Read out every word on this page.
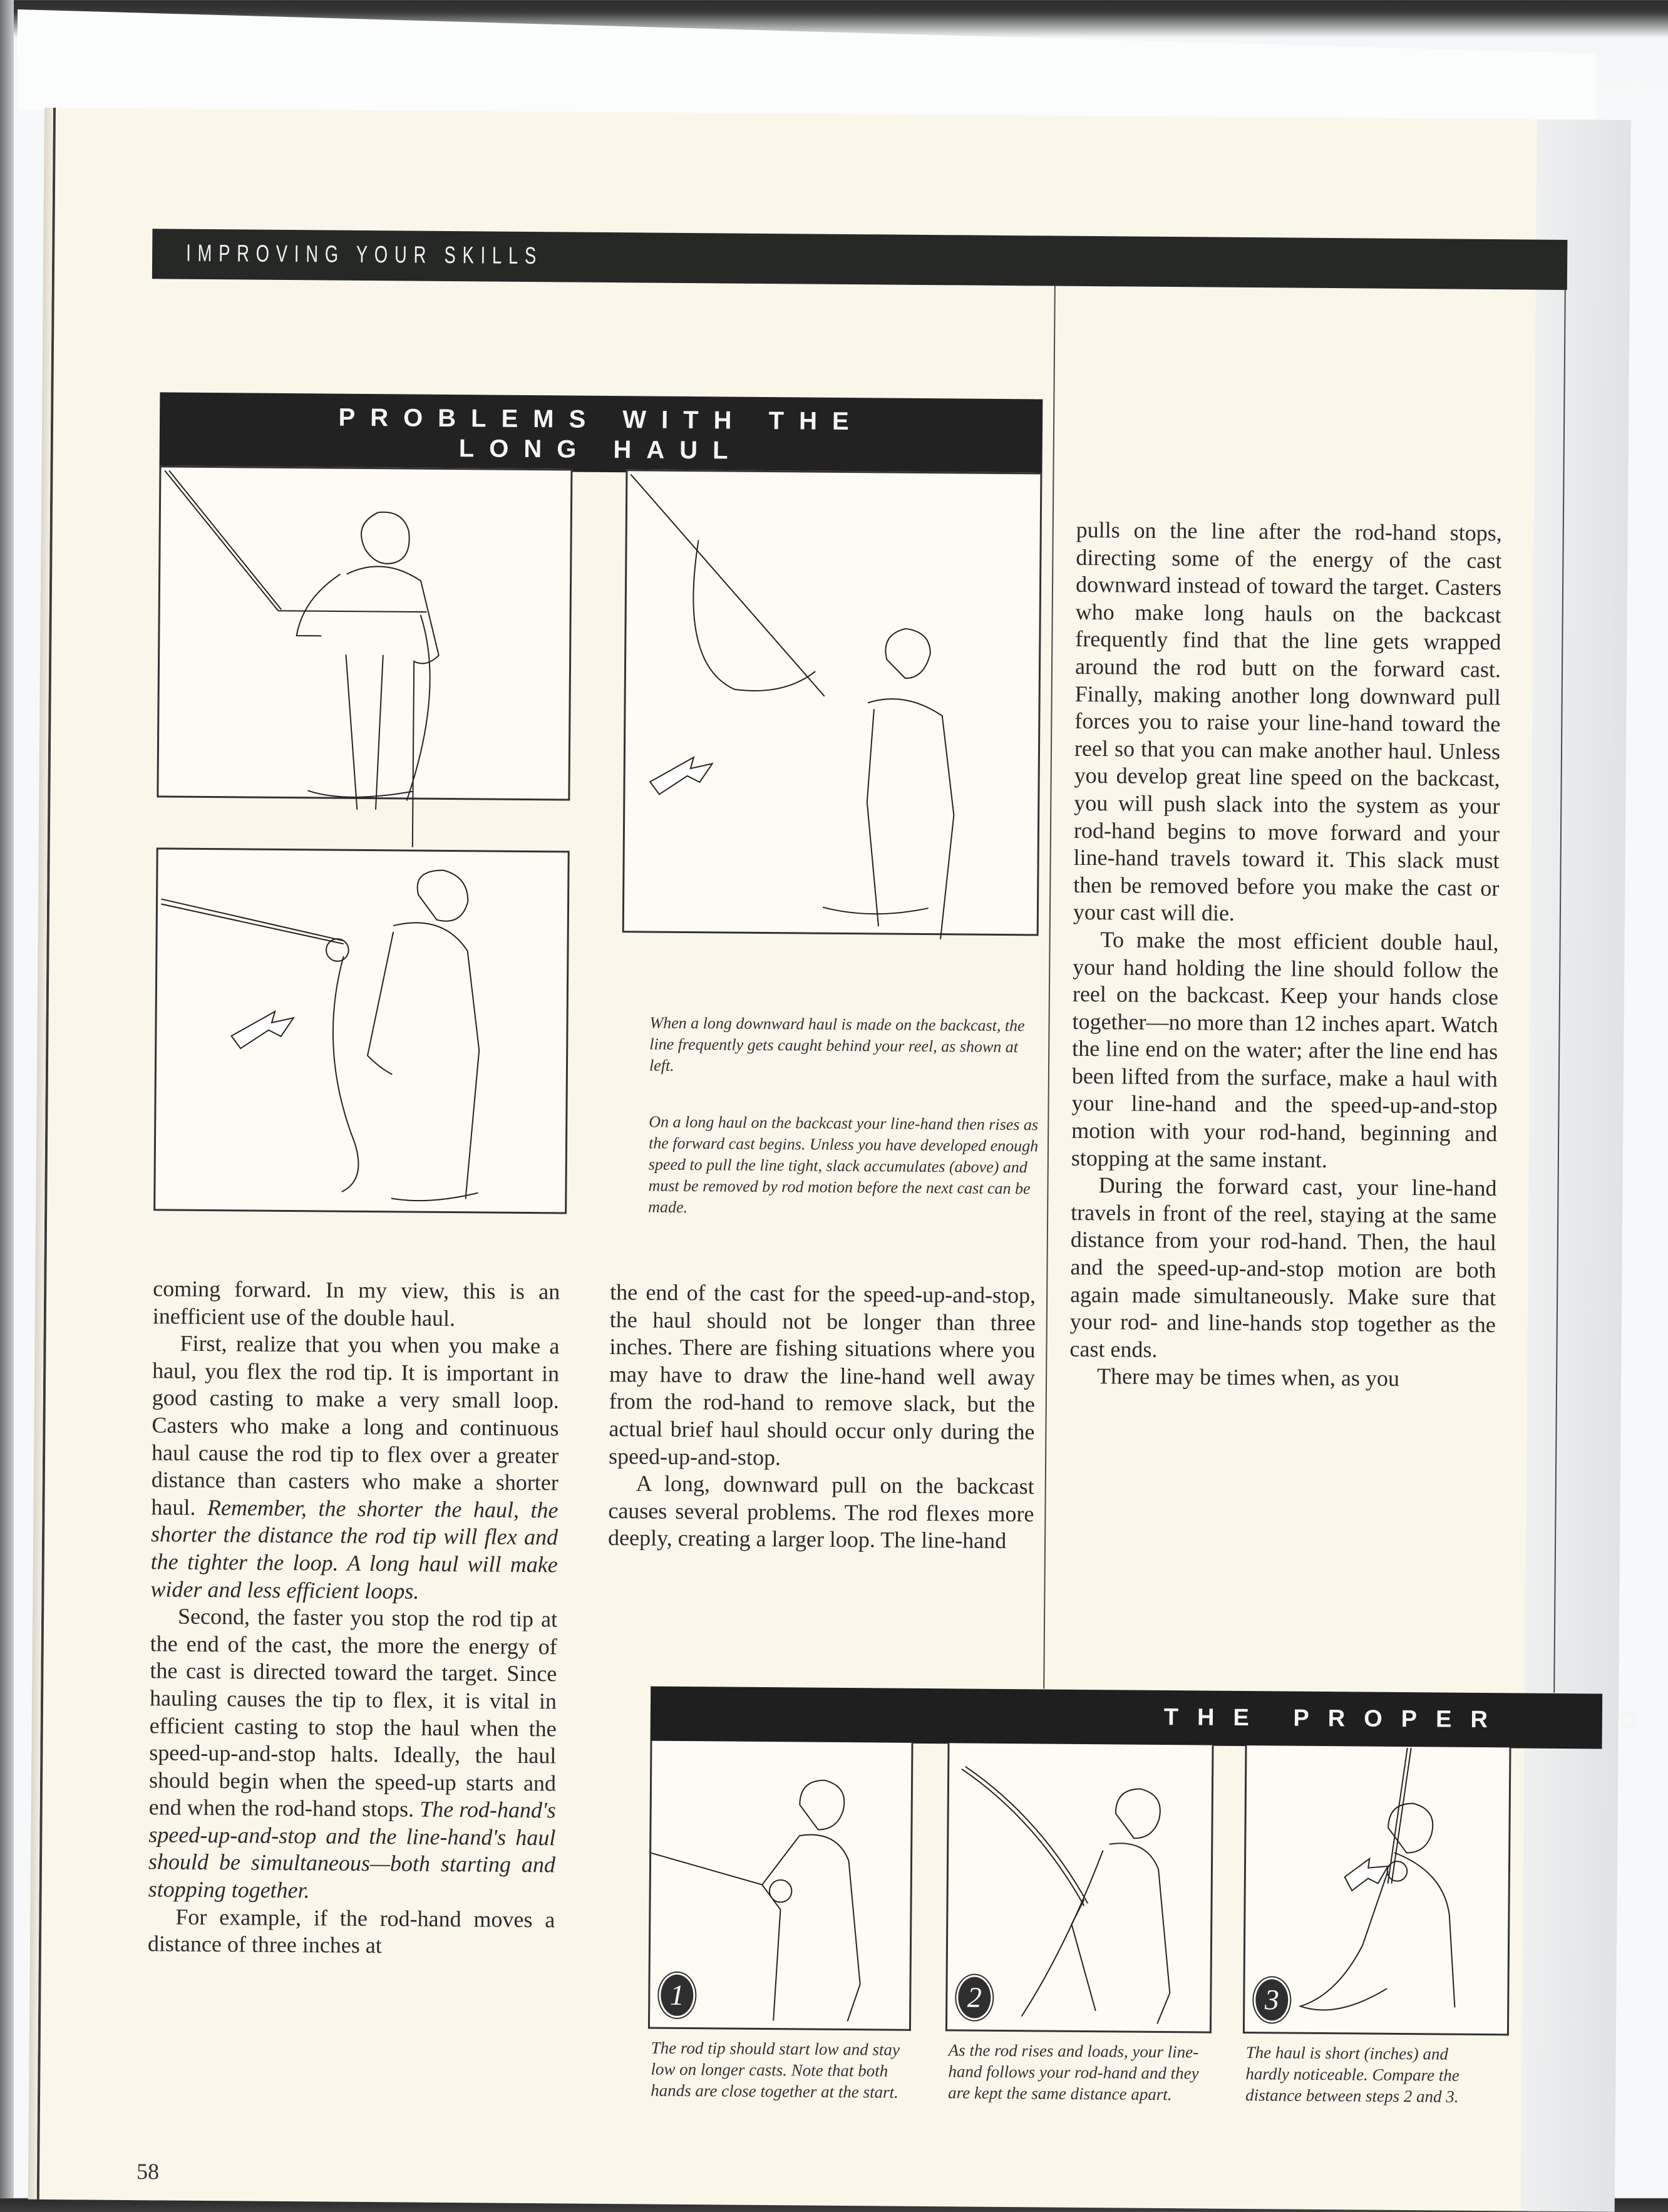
IMPROVING YOUR SKILLS
PROBLEMS WITH THE
LONG HAUL
When a long downward haul is made on the backcast, the line frequently gets caught behind your reel, as shown at left.
On a long haul on the backcast your line-hand then rises as the forward cast begins. Unless you have developed enough speed to pull the line tight, slack accumulates (above) and must be removed by rod motion before the next cast can be made.

coming forward. In my view, this is an inefficient use of the double haul.

First, realize that you when you make a haul, you flex the rod tip. It is important in good casting to make a very small loop. Casters who make a long and continuous haul cause the rod tip to flex over a greater distance than casters who make a shorter haul. Remember, the shorter the haul, the shorter the distance the rod tip will flex and the tighter the loop. A long haul will make wider and less efficient loops.

Second, the faster you stop the rod tip at the end of the cast, the more the energy of the cast is directed toward the target. Since hauling causes the tip to flex, it is vital in efficient casting to stop the haul when the speed-up-and-stop halts. Ideally, the haul should begin when the speed-up starts and end when the rod-hand stops. The rod-hand's speed-up-and-stop and the line-hand's haul should be simultaneous—both starting and stopping together.

For example, if the rod-hand moves a distance of three inches at

the end of the cast for the speed-up-and-stop, the haul should not be longer than three inches. There are fishing situations where you may have to draw the line-hand well away from the rod-hand to remove slack, but the actual brief haul should occur only during the speed-up-and-stop.

A long, downward pull on the backcast causes several problems. The rod flexes more deeply, creating a larger loop. The line-hand

pulls on the line after the rod-hand stops, directing some of the energy of the cast downward instead of toward the target. Casters who make long hauls on the backcast frequently find that the line gets wrapped around the rod butt on the forward cast. Finally, making another long downward pull forces you to raise your line-hand toward the reel so that you can make another haul. Unless you develop great line speed on the backcast, you will push slack into the system as your rod-hand begins to move forward and your line-hand travels toward it. This slack must then be removed before you make the cast or your cast will die.

To make the most efficient double haul, your hand holding the line should follow the reel on the backcast. Keep your hands close together—no more than 12 inches apart. Watch the line end on the water; after the line end has been lifted from the surface, make a haul with your line-hand and the speed-up-and-stop motion with your rod-hand, beginning and stopping at the same instant.

During the forward cast, your line-hand travels in front of the reel, staying at the same distance from your rod-hand. Then, the haul and the speed-up-and-stop motion are both again made simultaneously. Make sure that your rod- and line-hands stop together as the cast ends.

There may be times when, as you

THE PROPER	D
1	2	3
The rod tip should start low and stay low on longer casts. Note that both hands are close together at the start.
As the rod rises and loads, your line-hand follows your rod-hand and they are kept the same distance apart.
The haul is short (inches) and hardly noticeable. Compare the distance between steps 2 and 3.
58
